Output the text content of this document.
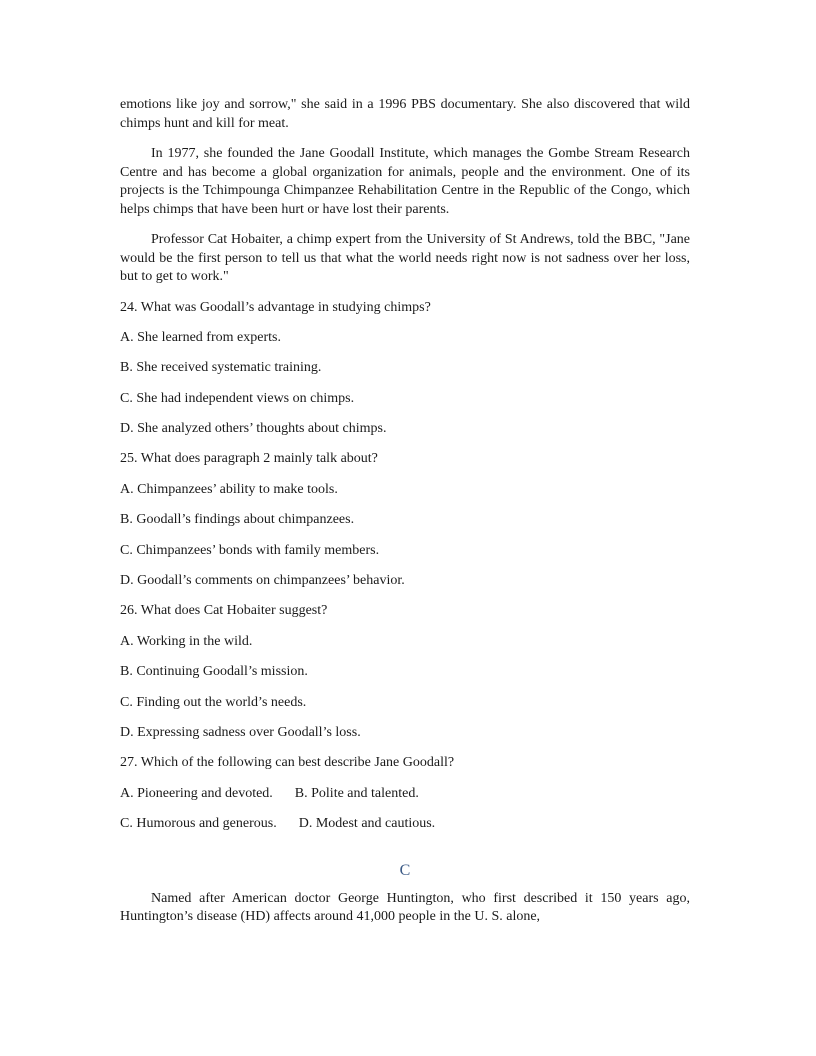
emotions like joy and sorrow," she said in a 1996 PBS documentary. She also discovered that wild chimps hunt and kill for meat.

In 1977, she founded the Jane Goodall Institute, which manages the Gombe Stream Research Centre and has become a global organization for animals, people and the environment. One of its projects is the Tchimpounga Chimpanzee Rehabilitation Centre in the Republic of the Congo, which helps chimps that have been hurt or have lost their parents.

Professor Cat Hobaiter, a chimp expert from the University of St Andrews, told the BBC, "Jane would be the first person to tell us that what the world needs right now is not sadness over her loss, but to get to work."

24. What was Goodall’s advantage in studying chimps?

A. She learned from experts.

B. She received systematic training.

C. She had independent views on chimps.

D. She analyzed others’ thoughts about chimps.

25. What does paragraph 2 mainly talk about?

A. Chimpanzees’ ability to make tools.

B. Goodall’s findings about chimpanzees.

C. Chimpanzees’ bonds with family members.

D. Goodall’s comments on chimpanzees’ behavior.

26. What does Cat Hobaiter suggest?

A. Working in the wild.

B. Continuing Goodall’s mission.

C. Finding out the world’s needs.

D. Expressing sadness over Goodall’s loss.

27. Which of the following can best describe Jane Goodall?

A. Pioneering and devoted. B. Polite and talented.

C. Humorous and generous. D. Modest and cautious.

C

Named after American doctor George Huntington, who first described it 150 years ago, Huntington’s disease (HD) affects around 41,000 people in the U. S. alone,
